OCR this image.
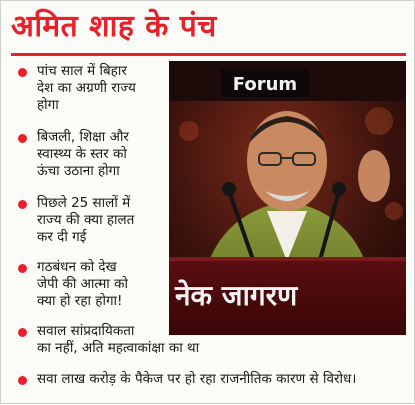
अमित शाह के पंच
Forum
नेक जागरण
पांच साल में बिहार
देश का अग्रणी राज्य
होगा
बिजली, शिक्षा और
स्वास्थ्य के स्तर को
ऊंचा उठाना होगा
पिछले 25 सालों में
राज्य की क्या हालत
कर दी गई
गठबंधन को देख
जेपी की आत्मा को
क्या हो रहा होगा!
सवाल सांप्रदायिकता
का नहीं, अति महत्वाकांक्षा का था
सवा लाख करोड़ के पैकेज पर हो रहा राजनीतिक कारण से विरोध।
